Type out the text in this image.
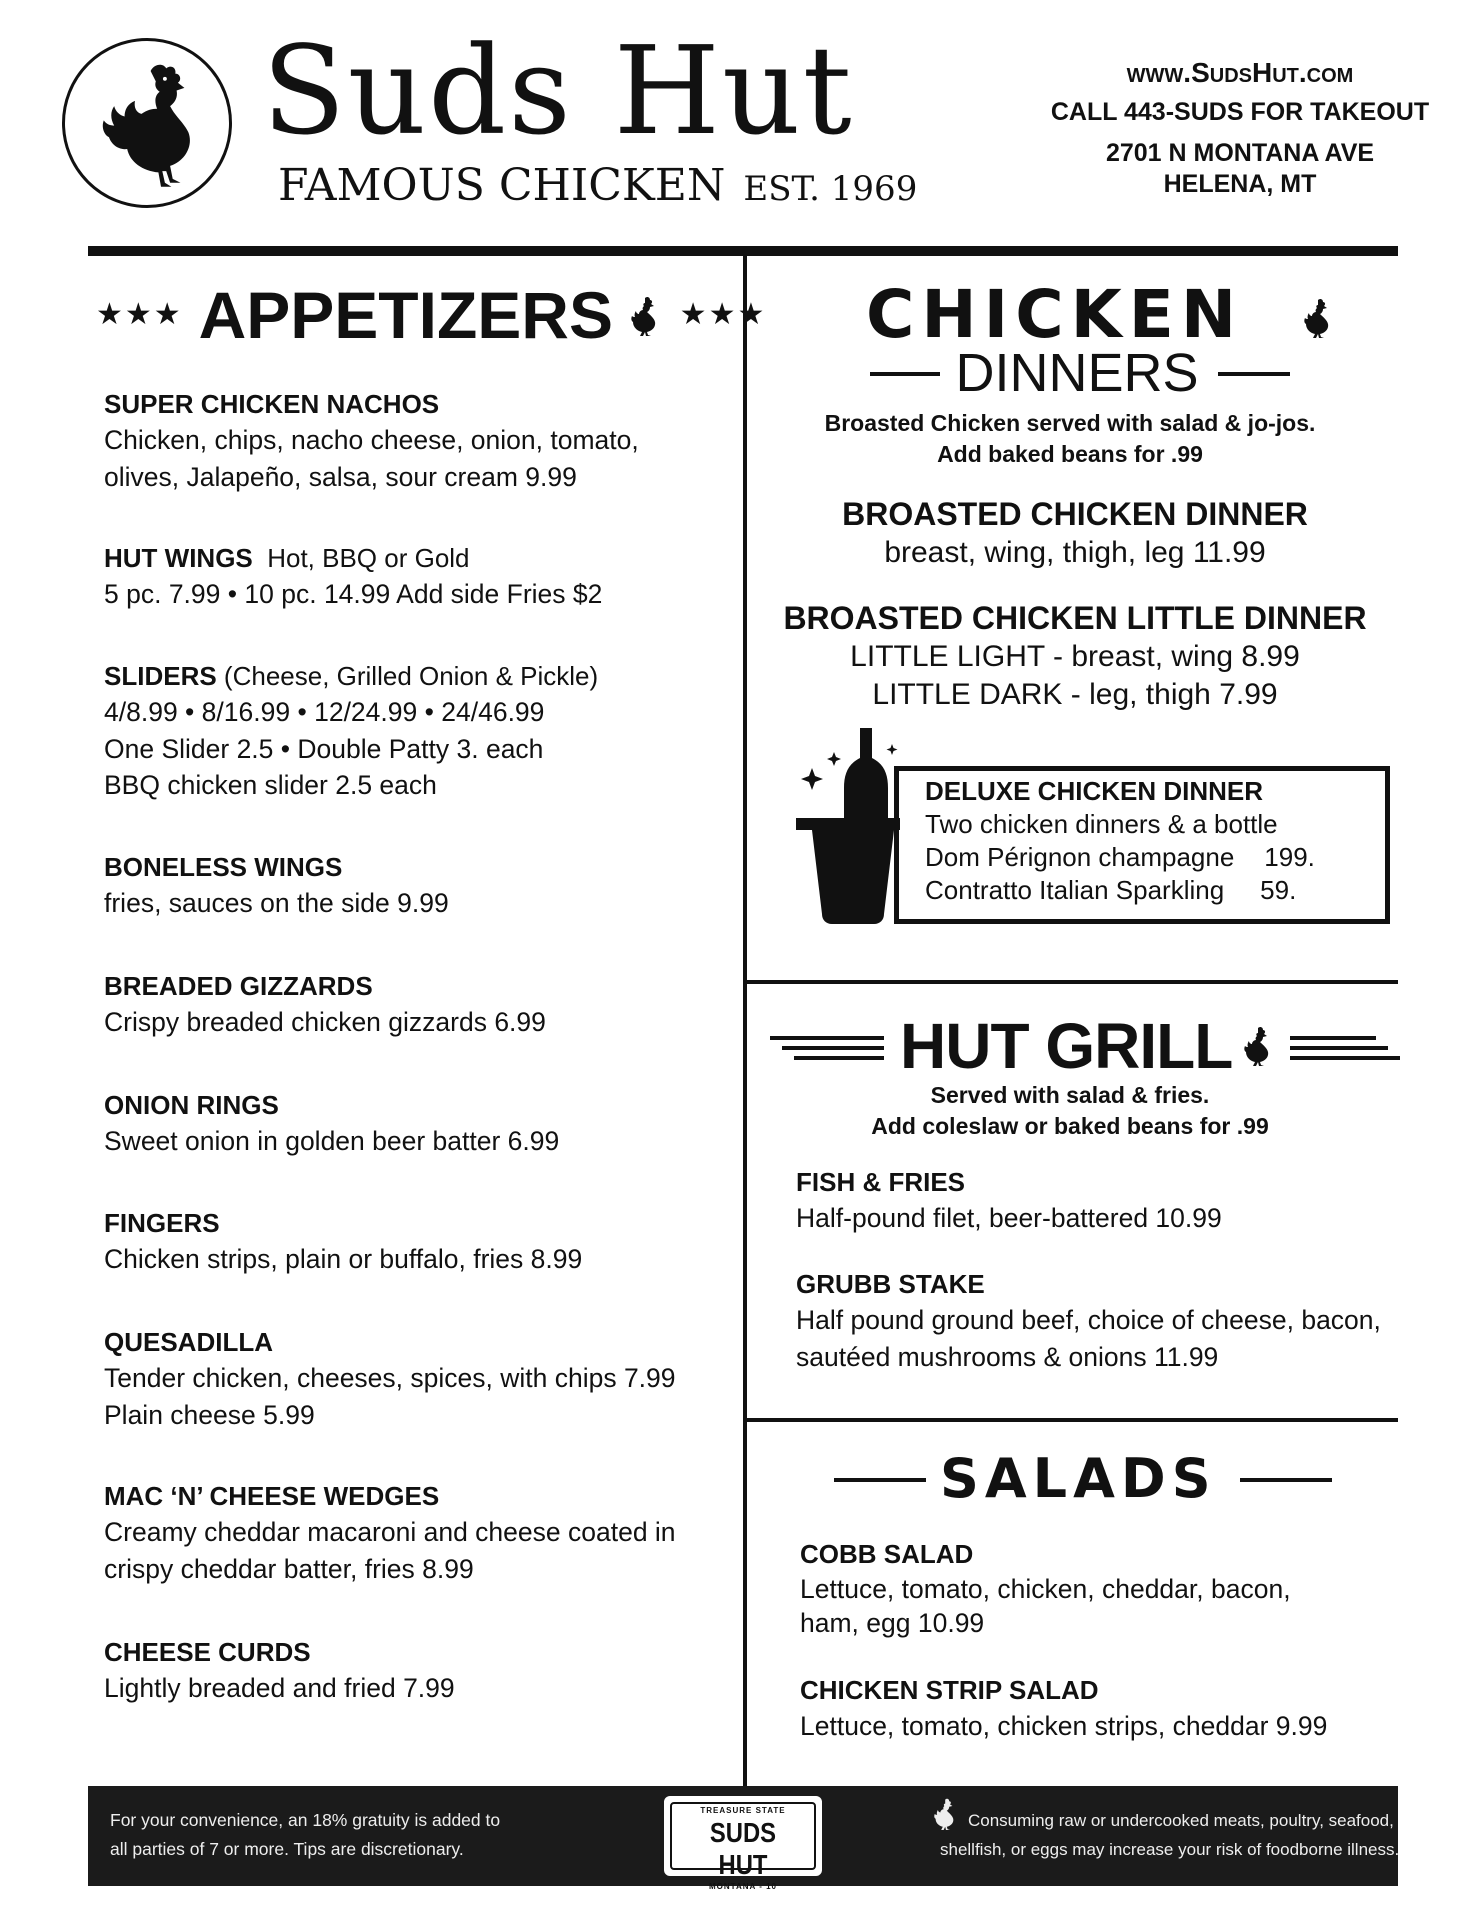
Suds Hut
FAMOUS CHICKEN EST. 1969
www.SudsHut.com
CALL 443-SUDS FOR TAKEOUT
2701 N MONTANA AVE
HELENA, MT
★★★ APPETIZERS ★★★
SUPER CHICKEN NACHOS
Chicken, chips, nacho cheese, onion, tomato,
olives, Jalapeño, salsa, sour cream 9.99
HUT WINGS Hot, BBQ or Gold
5 pc. 7.99 • 10 pc. 14.99 Add side Fries $2
SLIDERS (Cheese, Grilled Onion & Pickle)
4/8.99 • 8/16.99 • 12/24.99 • 24/46.99
One Slider 2.5 • Double Patty 3. each
BBQ chicken slider 2.5 each
BONELESS WINGS
fries, sauces on the side 9.99
BREADED GIZZARDS
Crispy breaded chicken gizzards 6.99
ONION RINGS
Sweet onion in golden beer batter 6.99
FINGERS
Chicken strips, plain or buffalo, fries 8.99
QUESADILLA
Tender chicken, cheeses, spices, with chips 7.99
Plain cheese 5.99
MAC ‘N’ CHEESE WEDGES
Creamy cheddar macaroni and cheese coated in
crispy cheddar batter, fries 8.99
CHEESE CURDS
Lightly breaded and fried 7.99
CHICKEN
DINNERS
Broasted Chicken served with salad & jo-jos.
Add baked beans for .99
BROASTED CHICKEN DINNER
breast, wing, thigh, leg 11.99
BROASTED CHICKEN LITTLE DINNER
LITTLE LIGHT - breast, wing 8.99
LITTLE DARK - leg, thigh 7.99
DELUXE CHICKEN DINNER
Two chicken dinners & a bottle
Dom Pérignon champagne 199.
Contratto Italian Sparkling 59.
HUT GRILL
Served with salad & fries.
Add coleslaw or baked beans for .99
FISH & FRIES
Half-pound filet, beer-battered 10.99
GRUBB STAKE
Half pound ground beef, choice of cheese, bacon,
sautéed mushrooms & onions 11.99
SALADS
COBB SALAD
Lettuce, tomato, chicken, cheddar, bacon,
ham, egg 10.99
CHICKEN STRIP SALAD
Lettuce, tomato, chicken strips, cheddar 9.99
For your convenience, an 18% gratuity is added to
all parties of 7 or more. Tips are discretionary.
TREASURE STATE
SUDS HUT
MONTANA - 10
Consuming raw or undercooked meats, poultry, seafood,
shellfish, or eggs may increase your risk of foodborne illness.
